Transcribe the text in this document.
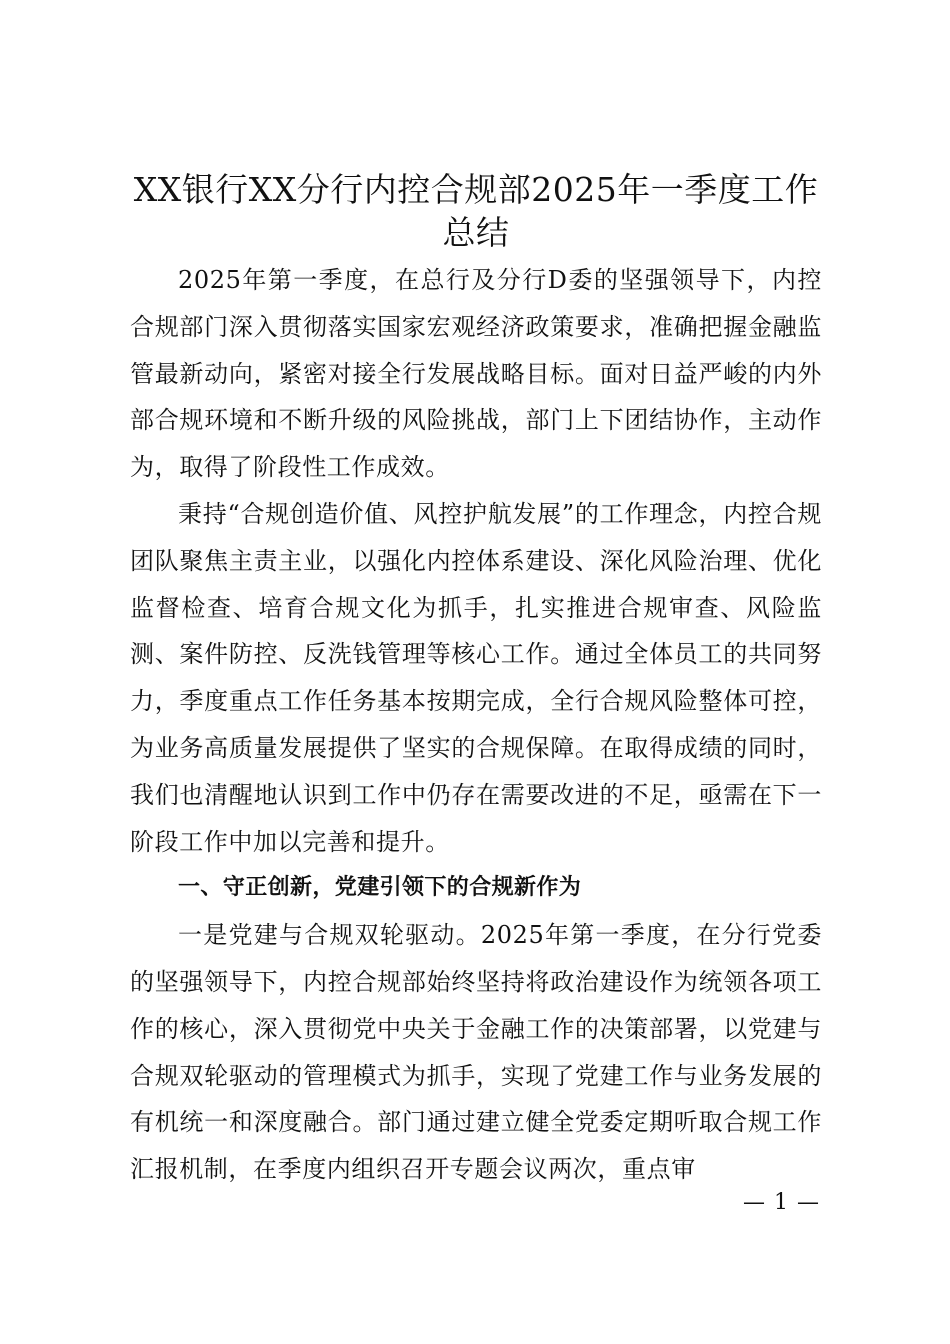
XX银行XX分行内控合规部2025年一季度工作总结

2025年第一季度，在总行及分行D委的坚强领导下，内控合规部门深入贯彻落实国家宏观经济政策要求，准确把握金融监管最新动向，紧密对接全行发展战略目标。面对日益严峻的内外部合规环境和不断升级的风险挑战，部门上下团结协作，主动作为，取得了阶段性工作成效。

秉持“合规创造价值、风控护航发展”的工作理念，内控合规团队聚焦主责主业，以强化内控体系建设、深化风险治理、优化监督检查、培育合规文化为抓手，扎实推进合规审查、风险监测、案件防控、反洗钱管理等核心工作。通过全体员工的共同努力，季度重点工作任务基本按期完成，全行合规风险整体可控，为业务高质量发展提供了坚实的合规保障。在取得成绩的同时，我们也清醒地认识到工作中仍存在需要改进的不足，亟需在下一阶段工作中加以完善和提升。

一、守正创新，党建引领下的合规新作为

一是党建与合规双轮驱动。2025年第一季度，在分行党委的坚强领导下，内控合规部始终坚持将政治建设作为统领各项工作的核心，深入贯彻党中央关于金融工作的决策部署，以党建与合规双轮驱动的管理模式为抓手，实现了党建工作与业务发展的有机统一和深度融合。部门通过建立健全党委定期听取合规工作汇报机制，在季度内组织召开专题会议两次，重点审

— 1 —
